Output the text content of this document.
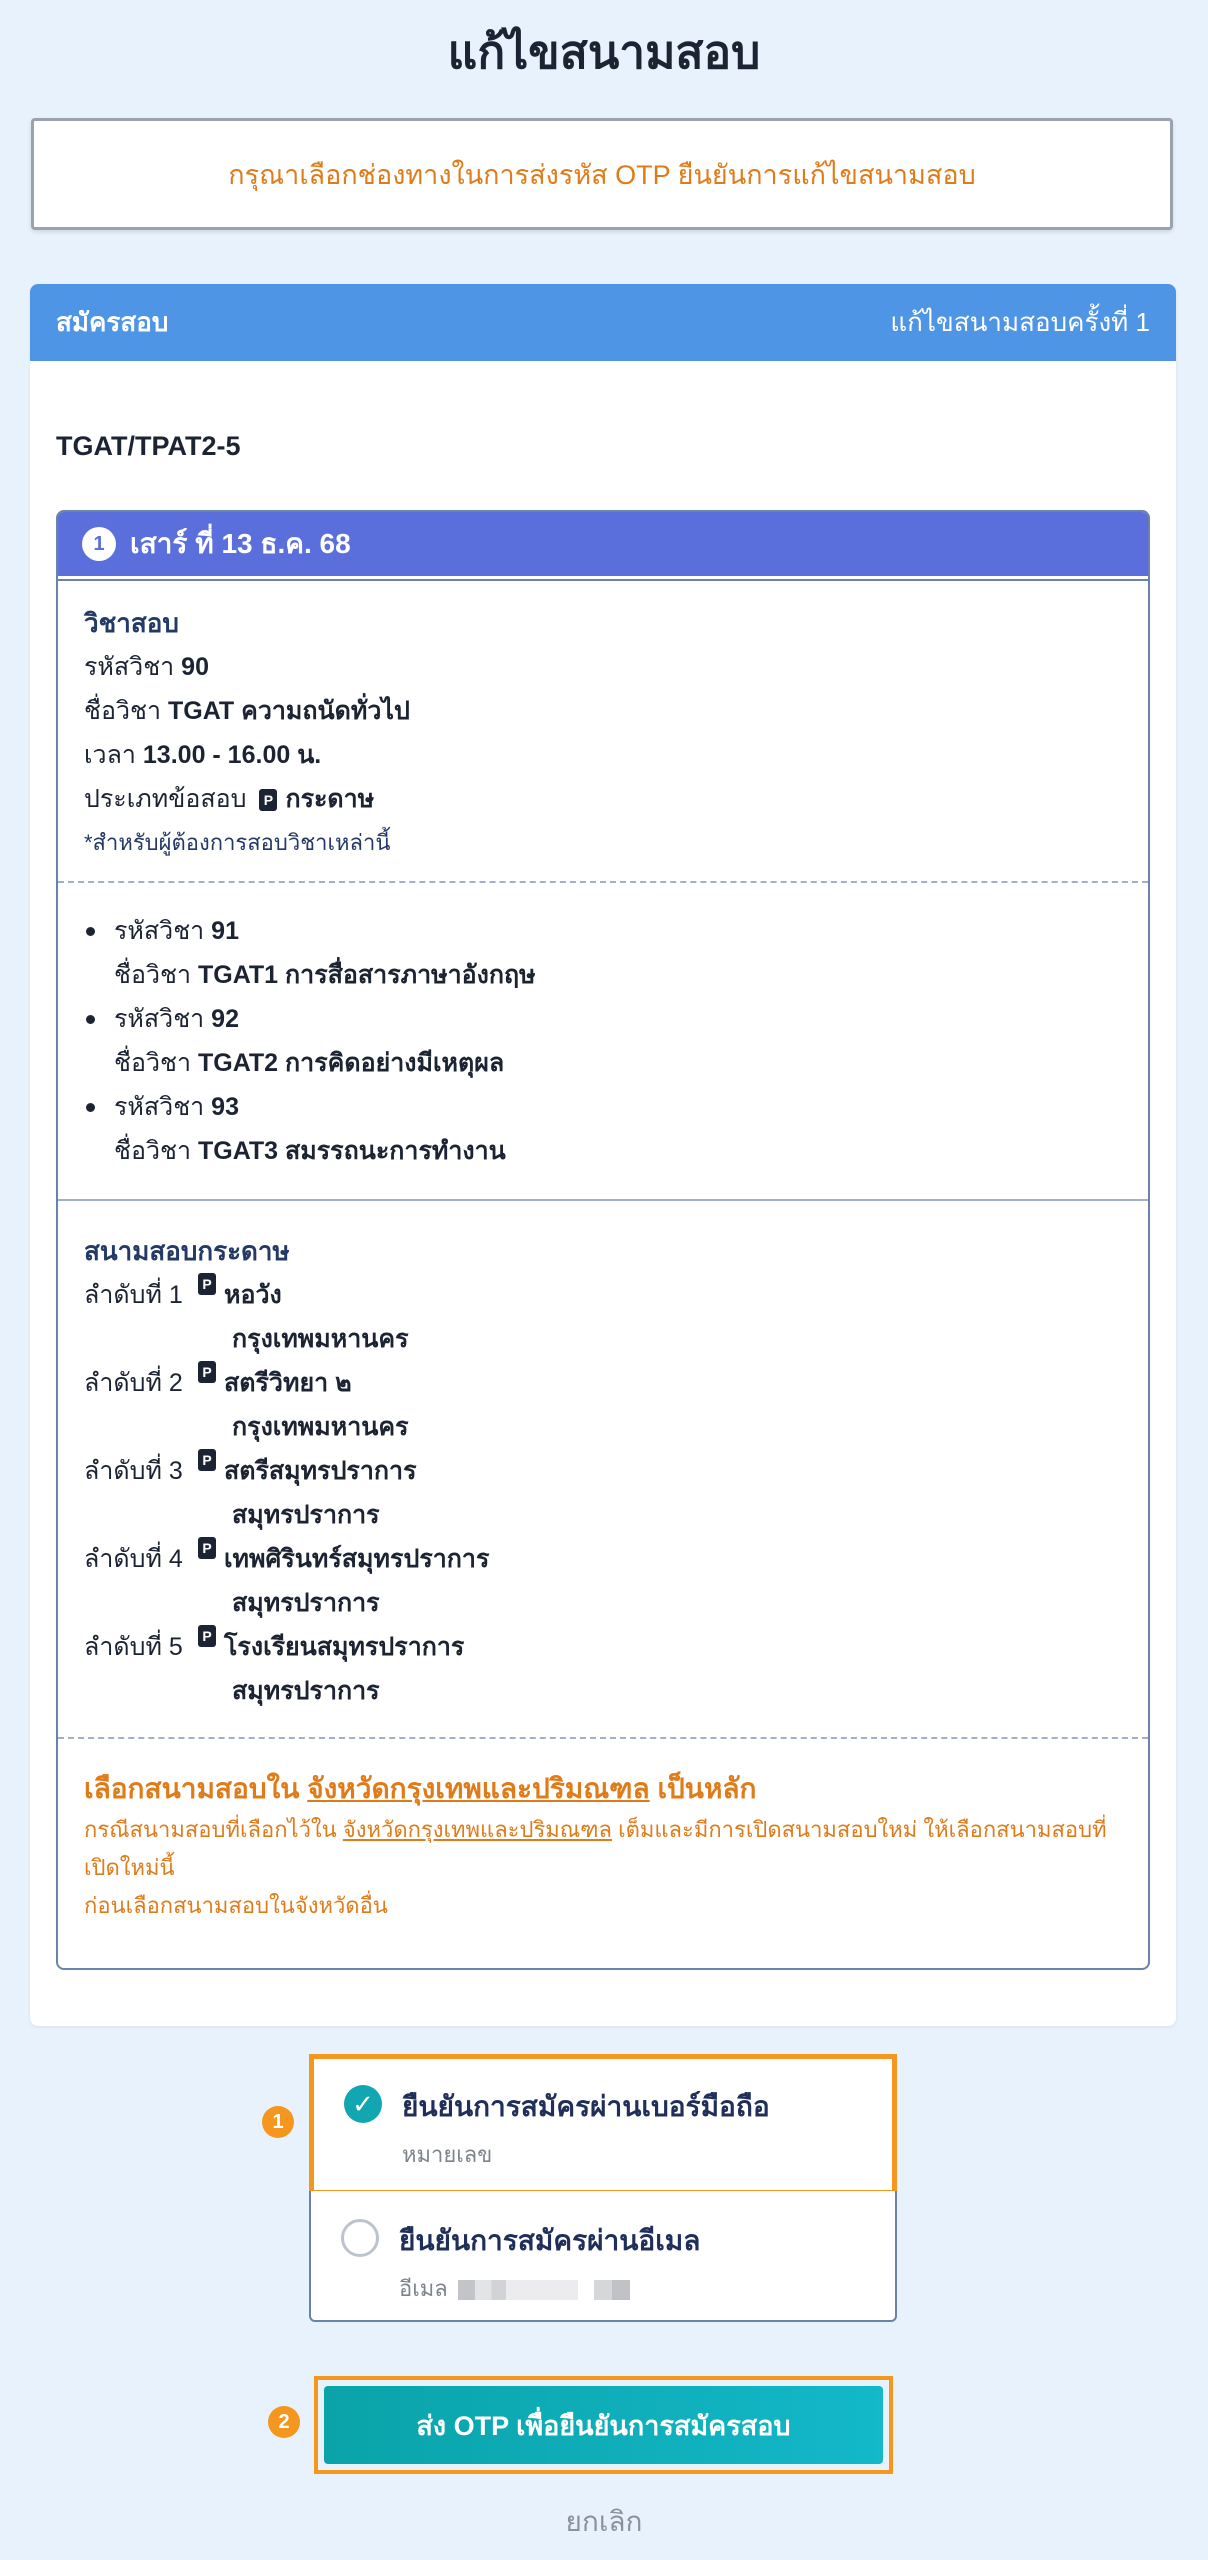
แก้ไขสนามสอบ
กรุณาเลือกช่องทางในการส่งรหัส OTP ยืนยันการแก้ไขสนามสอบ
สมัครสอบ	แก้ไขสนามสอบครั้งที่ 1
TGAT/TPAT2-5
1 เสาร์ ที่ 13 ธ.ค. 68
วิชาสอบ
รหัสวิชา 90
ชื่อวิชา TGAT ความถนัดทั่วไป
เวลา 13.00 - 16.00 น.
ประเภทข้อสอบ P กระดาษ
*สำหรับผู้ต้องการสอบวิชาเหล่านี้
รหัสวิชา 91
ชื่อวิชา TGAT1 การสื่อสารภาษาอังกฤษ
รหัสวิชา 92
ชื่อวิชา TGAT2 การคิดอย่างมีเหตุผล
รหัสวิชา 93
ชื่อวิชา TGAT3 สมรรถนะการทำงาน
สนามสอบกระดาษ
ลำดับที่ 1	P หอวัง
กรุงเทพมหานคร
ลำดับที่ 2	P สตรีวิทยา ๒
กรุงเทพมหานคร
ลำดับที่ 3	P สตรีสมุทรปราการ
สมุทรปราการ
ลำดับที่ 4	P เทพศิรินทร์สมุทรปราการ
สมุทรปราการ
ลำดับที่ 5	P โรงเรียนสมุทรปราการ
สมุทรปราการ
เลือกสนามสอบใน จังหวัดกรุงเทพและปริมณฑล เป็นหลัก
กรณีสนามสอบที่เลือกไว้ใน จังหวัดกรุงเทพและปริมณฑล เต็มและมีการเปิดสนามสอบใหม่ ให้เลือกสนามสอบที่เปิดใหม่นี้
ก่อนเลือกสนามสอบในจังหวัดอื่น
1
✓ ยืนยันการสมัครผ่านเบอร์มือถือ
หมายเลข
ยืนยันการสมัครผ่านอีเมล
อีเมล
2	ส่ง OTP เพื่อยืนยันการสมัครสอบ
ยกเลิก
